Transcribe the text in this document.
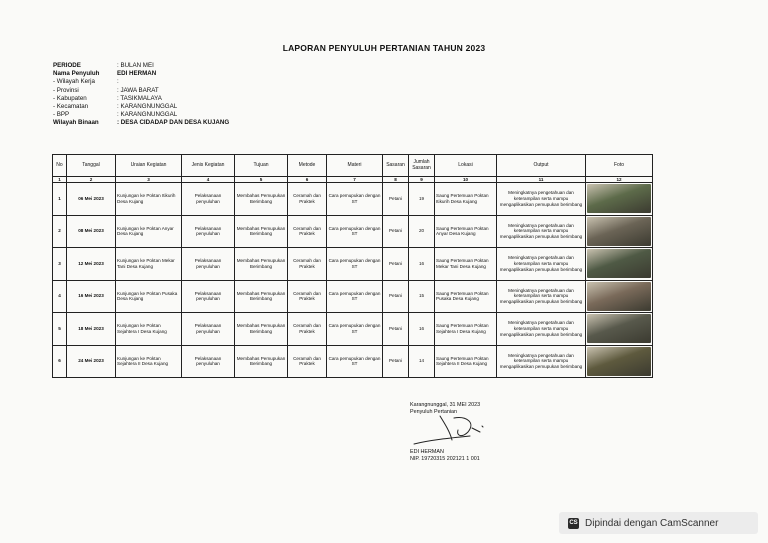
LAPORAN PENYULUH PERTANIAN TAHUN 2023
PERIODE	: BULAN MEI
Nama Penyuluh	EDI HERMAN
- Wilayah Kerja	:
- Provinsi	: JAWA BARAT
- Kabupaten	: TASIKMALAYA
- Kecamatan	: KARANGNUNGGAL
- BPP	: KARANGNUNGGAL
Wilayah Binaan	: DESA CIDADAP DAN DESA KUJANG
No	Tanggal	Uraian Kegiatan	Jenis Kegiatan	Tujuan	Metode	Materi	Sasaran	Jumlah Sasaran	Lokasi	Output	Foto
1	2	3	4	5	6	7	8	9	10	11	12
1	06 Mei 2023	Kunjungan ke Poktan Itikurih Desa Kujang	Pelaksanaan penyuluhan	Membahas Pemupukan Berimbang	Ceramah dan Praktek	Cara pemupukan dengan ST	Petani	19	Saung Pertemuan Poktan Itikurih Desa Kujang	Meningkatnya pengetahuan dan keterampilan serta mampu mengaplikasikan pemupukan berimbang	

2	08 Mei 2023	Kunjungan ke Poktan Anyar Desa Kujang	Pelaksanaan penyuluhan	Membahas Pemupukan Berimbang	Ceramah dan Praktek	Cara pemupukan dengan ST	Petani	20	Saung Pertemuan Poktan Anyar Desa Kujang	Meningkatnya pengetahuan dan keterampilan serta mampu mengaplikasikan pemupukan berimbang	

3	12 Mei 2023	Kunjungan ke Poktan Mekar Tani Desa Kujang	Pelaksanaan penyuluhan	Membahas Pemupukan Berimbang	Ceramah dan Praktek	Cara pemupukan dengan ST	Petani	16	Saung Pertemuan Poktan Mekar Tani Desa Kujang	Meningkatnya pengetahuan dan keterampilan serta mampu mengaplikasikan pemupukan berimbang	

4	16 Mei 2023	Kunjungan ke Poktan Pusaka Desa Kujang	Pelaksanaan penyuluhan	Membahas Pemupukan Berimbang	Ceramah dan Praktek	Cara pemupukan dengan ST	Petani	15	Saung Pertemuan Poktan Pusaka Desa Kujang	Meningkatnya pengetahuan dan keterampilan serta mampu mengaplikasikan pemupukan berimbang	

5	18 Mei 2023	Kunjungan ke Poktan Sejahtera I Desa Kujang	Pelaksanaan penyuluhan	Membahas Pemupukan Berimbang	Ceramah dan Praktek	Cara pemupukan dengan ST	Petani	16	Saung Pertemuan Poktan Sejahtera I Desa Kujang	Meningkatnya pengetahuan dan keterampilan serta mampu mengaplikasikan pemupukan berimbang	

6	24 Mei 2023	Kunjungan ke Poktan Sejahtera II Desa Kujang	Pelaksanaan penyuluhan	Membahas Pemupukan Berimbang	Ceramah dan Praktek	Cara pemupukan dengan ST	Petani	14	Saung Pertemuan Poktan Sejahtera II Desa Kujang	Meningkatnya pengetahuan dan keterampilan serta mampu mengaplikasikan pemupukan berimbang	
Karangnunggal, 31 MEI 2023
Penyuluh Pertanian
EDI HERMAN
NIP. 19720315 202121 1 001
CS Dipindai dengan CamScanner
